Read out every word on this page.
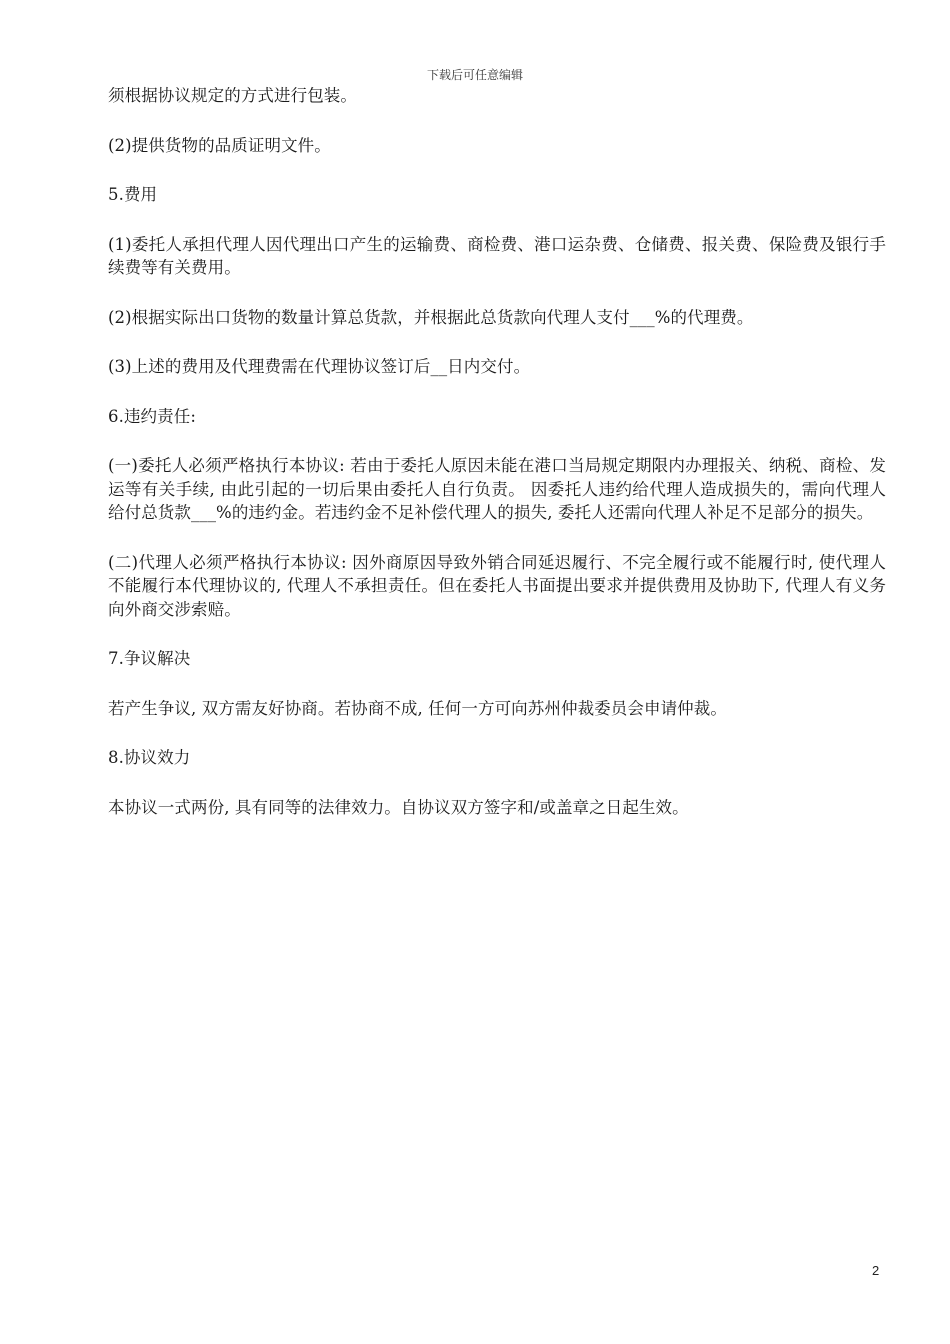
下载后可任意编辑

须根据协议规定的方式进行包装。

(2)提供货物的品质证明文件。

5.费用

(1)委托人承担代理人因代理出口产生的运输费、商检费、港口运杂费、仓储费、报关费、保险费及银行手续费等有关费用。

(2)根据实际出口货物的数量计算总货款，并根据此总货款向代理人支付___%的代理费。

(3)上述的费用及代理费需在代理协议签订后__日内交付。

6.违约责任:

(一)委托人必须严格执行本协议: 若由于委托人原因未能在港口当局规定期限内办理报关、纳税、商检、发运等有关手续, 由此引起的一切后果由委托人自行负责。 因委托人违约给代理人造成损失的，需向代理人给付总货款___%的违约金。若违约金不足补偿代理人的损失, 委托人还需向代理人补足不足部分的损失。

(二)代理人必须严格执行本协议: 因外商原因导致外销合同延迟履行、不完全履行或不能履行时, 使代理人不能履行本代理协议的, 代理人不承担责任。但在委托人书面提出要求并提供费用及协助下, 代理人有义务向外商交涉索赔。

7.争议解决

若产生争议, 双方需友好协商。若协商不成, 任何一方可向苏州仲裁委员会申请仲裁。

8.协议效力

本协议一式两份, 具有同等的法律效力。自协议双方签字和/或盖章之日起生效。

2
